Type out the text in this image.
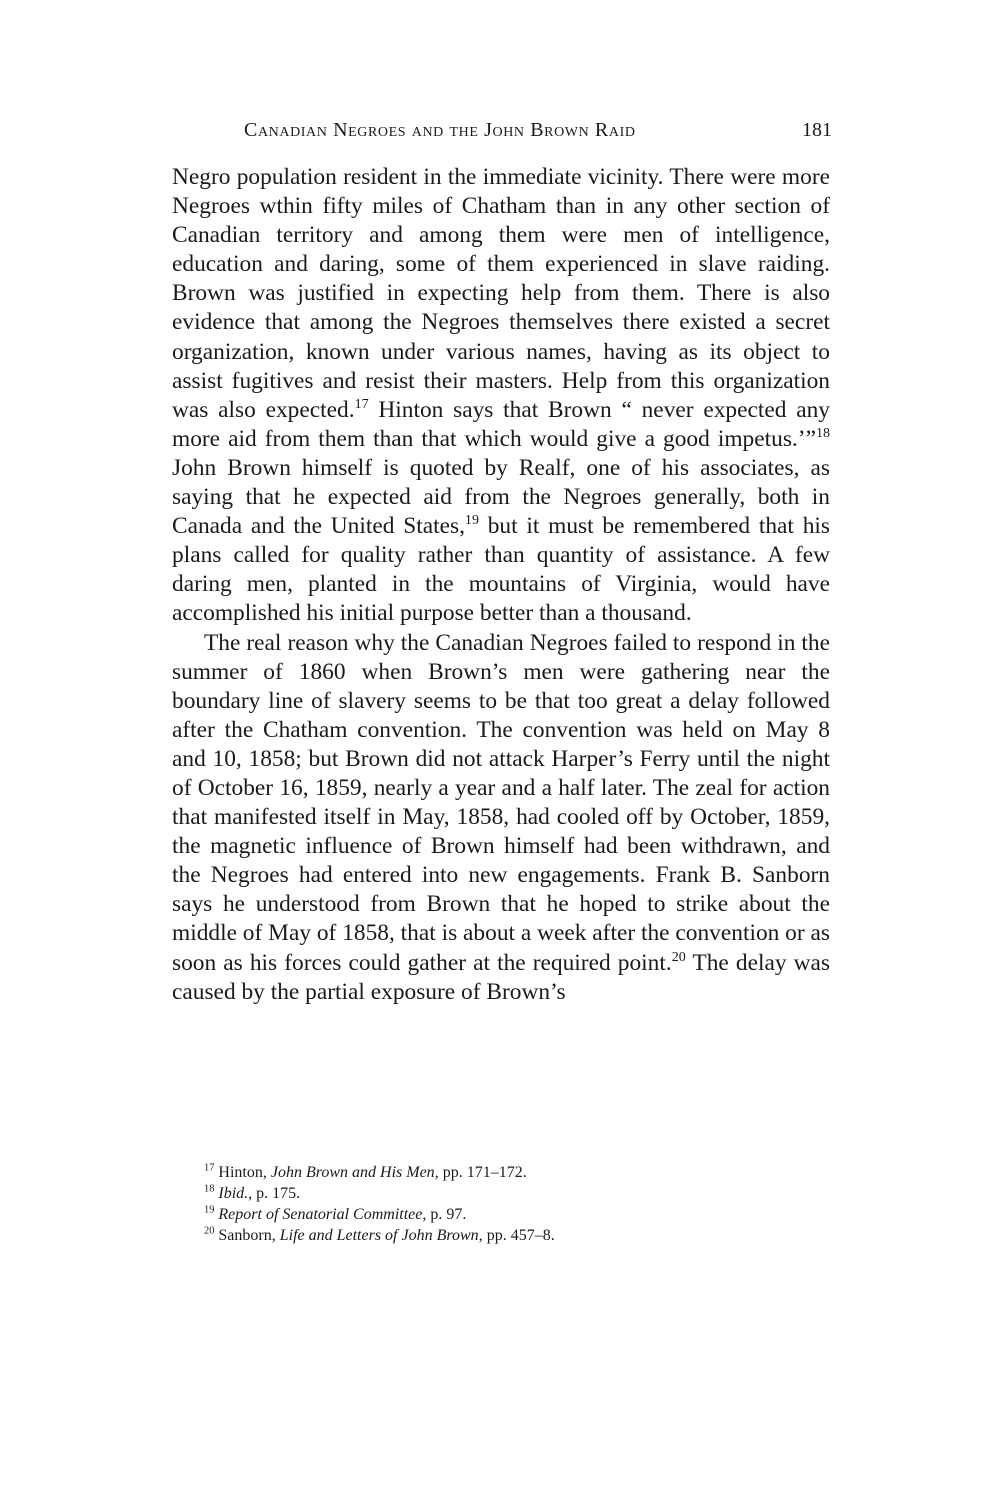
Canadian Negroes and the John Brown Raid	181

Negro population resident in the immediate vicinity. There were more Negroes wthin fifty miles of Chatham than in any other section of Canadian territory and among them were men of intelligence, education and daring, some of them experienced in slave raiding. Brown was justified in expecting help from them. There is also evidence that among the Negroes themselves there existed a secret organization, known under various names, having as its object to assist fugitives and resist their masters. Help from this organization was also expected.$^{17}$ Hinton says that Brown “ never expected any more aid from them than that which would give a good impetus.’”$^{18}$ John Brown himself is quoted by Realf, one of his associates, as saying that he expected aid from the Negroes generally, both in Canada and the United States,$^{19}$ but it must be remembered that his plans called for quality rather than quantity of assistance. A few daring men, planted in the mountains of Virginia, would have accomplished his initial purpose better than a thousand.

The real reason why the Canadian Negroes failed to respond in the summer of 1860 when Brown’s men were gathering near the boundary line of slavery seems to be that too great a delay followed after the Chatham convention. The convention was held on May 8 and 10, 1858; but Brown did not attack Harper’s Ferry until the night of October 16, 1859, nearly a year and a half later. The zeal for action that manifested itself in May, 1858, had cooled off by October, 1859, the magnetic influence of Brown himself had been withdrawn, and the Negroes had entered into new engagements. Frank B. Sanborn says he understood from Brown that he hoped to strike about the middle of May of 1858, that is about a week after the convention or as soon as his forces could gather at the required point.$^{20}$ The delay was caused by the partial exposure of Brown’s

$^{17}$ Hinton, John Brown and His Men, pp. 171–172.
$^{18}$ Ibid., p. 175.
$^{19}$ Report of Senatorial Committee, p. 97.
$^{20}$ Sanborn, Life and Letters of John Brown, pp. 457–8.
